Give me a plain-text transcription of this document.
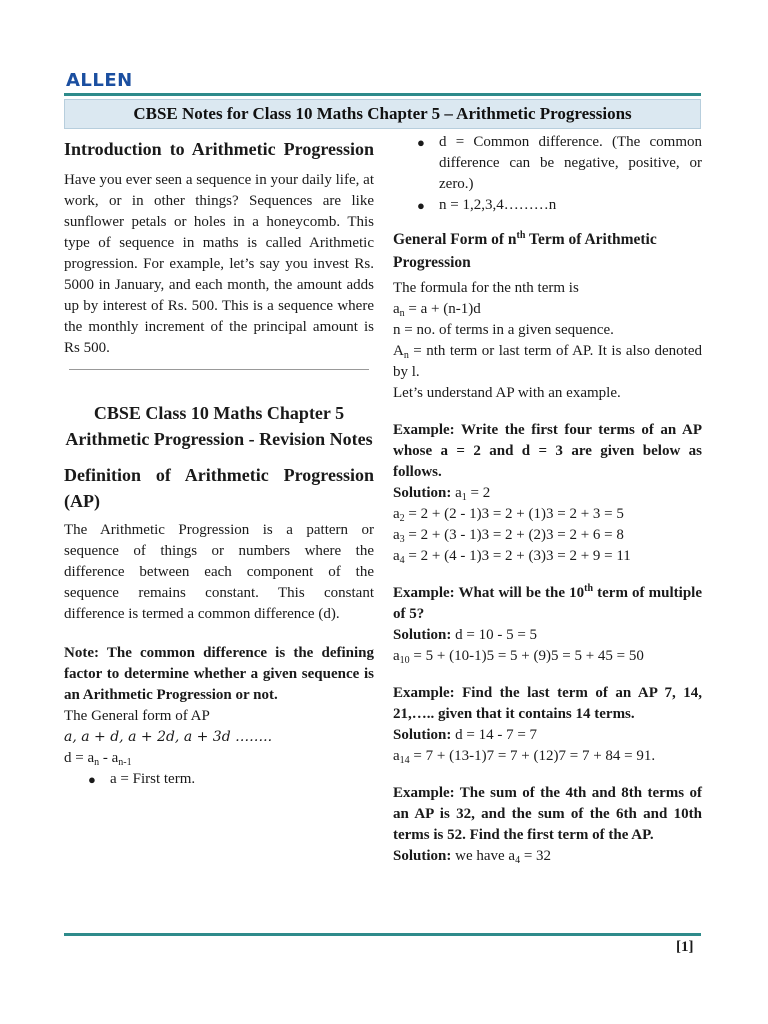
ALLEN
CBSE Notes for Class 10 Maths Chapter 5 – Arithmetic Progressions
Introduction to Arithmetic Progression
Have you ever seen a sequence in your daily life, at work, or in other things? Sequences are like sunflower petals or holes in a honeycomb. This type of sequence in maths is called Arithmetic progression. For example, let’s say you invest Rs. 5000 in January, and each month, the amount adds up by interest of Rs. 500. This is a sequence where the monthly increment of the principal amount is Rs 500.
CBSE Class 10 Maths Chapter 5 Arithmetic Progression - Revision Notes
Definition of Arithmetic Progression (AP)
The Arithmetic Progression is a pattern or sequence of things or numbers where the difference between each component of the sequence remains constant. This constant difference is termed a common difference (d).
Note: The common difference is the defining factor to determine whether a given sequence is an Arithmetic Progression or not.
The General form of AP
a, a + d, a + 2d, a + 3d ……..
$d = a_n - a_{n-1}$
● a = First term.
● d = Common difference. (The common difference can be negative, positive, or zero.)
● n = 1,2,3,4………n
General Form of $n^{th}$ Term of Arithmetic Progression
The formula for the nth term is
$a_n = a + (n-1)d$
n = no. of terms in a given sequence.
$A_n$ = nth term or last term of AP. It is also denoted by l.
Let’s understand AP with an example.
Example: Write the first four terms of an AP whose a = 2 and d = 3 are given below as follows.
Solution: $a_1 = 2$
$a_2 = 2 + (2 - 1)3 = 2 + (1)3 = 2 + 3 = 5$
$a_3 = 2 + (3 - 1)3 = 2 + (2)3 = 2 + 6 = 8$
$a_4 = 2 + (4 - 1)3 = 2 + (3)3 = 2 + 9 = 11$
Example: What will be the 10th term of multiple of 5?
Solution: d = 10 - 5 = 5
$a_{10} = 5 + (10-1)5 = 5 + (9)5 = 5 + 45 = 50$
Example: Find the last term of an AP 7, 14, 21,….. given that it contains 14 terms.
Solution: d = 14 - 7 = 7
$a_{14} = 7 + (13-1)7 = 7 + (12)7 = 7 + 84 = 91$.
Example: The sum of the 4th and 8th terms of an AP is 32, and the sum of the 6th and 10th terms is 52. Find the first term of the AP.
Solution: we have $a_4 = 32$
[1]
